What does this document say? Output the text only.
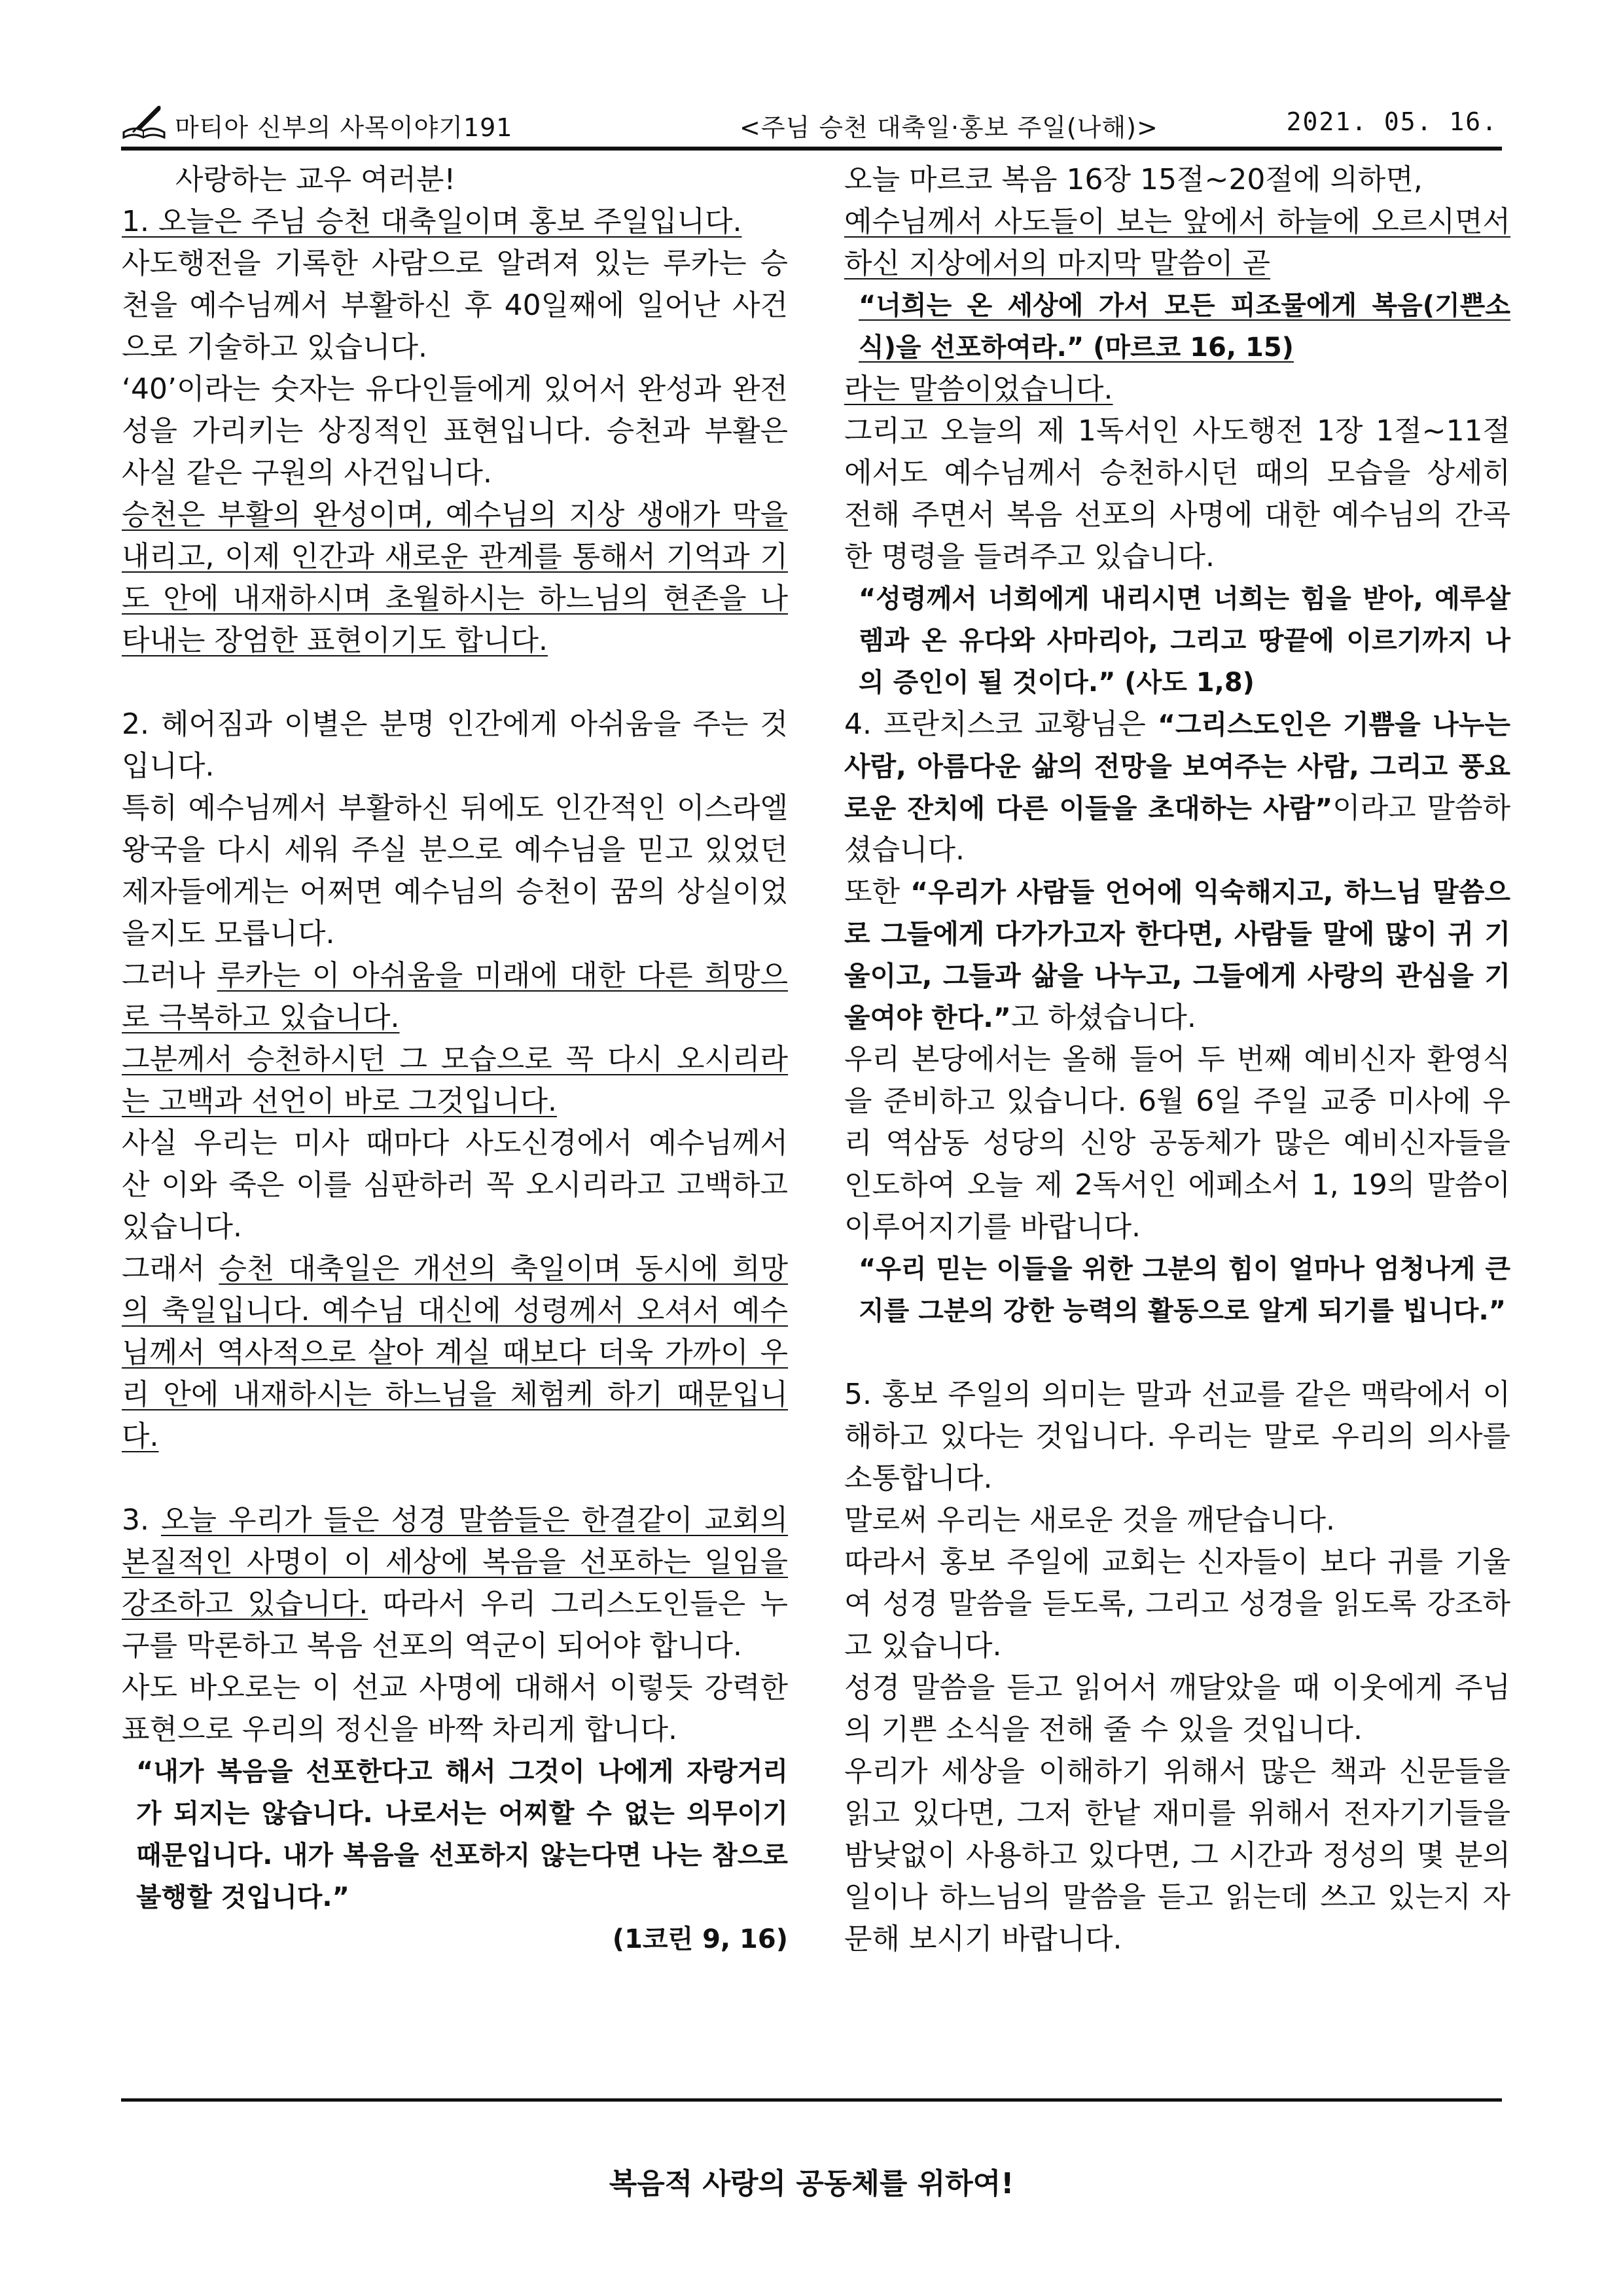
마티아 신부의 사목이야기191	<주님 승천 대축일·홍보 주일(나해)>	2021. 05. 16.

사랑하는 교우 여러분!

1. 오늘은 주님 승천 대축일이며 홍보 주일입니다.

사도행전을 기록한 사람으로 알려져 있는 루카는 승천을 예수님께서 부활하신 후 40일째에 일어난 사건으로 기술하고 있습니다.

‘40’이라는 숫자는 유다인들에게 있어서 완성과 완전성을 가리키는 상징적인 표현입니다. 승천과 부활은 사실 같은 구원의 사건입니다.

승천은 부활의 완성이며, 예수님의 지상 생애가 막을 내리고, 이제 인간과 새로운 관계를 통해서 기억과 기도 안에 내재하시며 초월하시는 하느님의 현존을 나타내는 장엄한 표현이기도 합니다.

2. 헤어짐과 이별은 분명 인간에게 아쉬움을 주는 것입니다.

특히 예수님께서 부활하신 뒤에도 인간적인 이스라엘 왕국을 다시 세워 주실 분으로 예수님을 믿고 있었던 제자들에게는 어쩌면 예수님의 승천이 꿈의 상실이었을지도 모릅니다.

그러나 루카는 이 아쉬움을 미래에 대한 다른 희망으로 극복하고 있습니다.

그분께서 승천하시던 그 모습으로 꼭 다시 오시리라는 고백과 선언이 바로 그것입니다.

사실 우리는 미사 때마다 사도신경에서 예수님께서 산 이와 죽은 이를 심판하러 꼭 오시리라고 고백하고 있습니다.

그래서 승천 대축일은 개선의 축일이며 동시에 희망의 축일입니다. 예수님 대신에 성령께서 오셔서 예수님께서 역사적으로 살아 계실 때보다 더욱 가까이 우리 안에 내재하시는 하느님을 체험케 하기 때문입니다.

3. 오늘 우리가 들은 성경 말씀들은 한결같이 교회의 본질적인 사명이 이 세상에 복음을 선포하는 일임을 강조하고 있습니다. 따라서 우리 그리스도인들은 누구를 막론하고 복음 선포의 역군이 되어야 합니다.

사도 바오로는 이 선교 사명에 대해서 이렇듯 강력한 표현으로 우리의 정신을 바짝 차리게 합니다.

“내가 복음을 선포한다고 해서 그것이 나에게 자랑거리가 되지는 않습니다. 나로서는 어찌할 수 없는 의무이기 때문입니다. 내가 복음을 선포하지 않는다면 나는 참으로 불행할 것입니다.”

(1코린 9, 16)

오늘 마르코 복음 16장 15절~20절에 의하면,

예수님께서 사도들이 보는 앞에서 하늘에 오르시면서 하신 지상에서의 마지막 말씀이 곧

“너희는 온 세상에 가서 모든 피조물에게 복음(기쁜소식)을 선포하여라.” (마르코 16, 15)

라는 말씀이었습니다.

그리고 오늘의 제 1독서인 사도행전 1장 1절~11절에서도 예수님께서 승천하시던 때의 모습을 상세히 전해 주면서 복음 선포의 사명에 대한 예수님의 간곡한 명령을 들려주고 있습니다.

“성령께서 너희에게 내리시면 너희는 힘을 받아, 예루살렘과 온 유다와 사마리아, 그리고 땅끝에 이르기까지 나의 증인이 될 것이다.” (사도 1,8)

4. 프란치스코 교황님은 “그리스도인은 기쁨을 나누는 사람, 아름다운 삶의 전망을 보여주는 사람, 그리고 풍요로운 잔치에 다른 이들을 초대하는 사람”이라고 말씀하셨습니다.

또한 “우리가 사람들 언어에 익숙해지고, 하느님 말씀으로 그들에게 다가가고자 한다면, 사람들 말에 많이 귀 기울이고, 그들과 삶을 나누고, 그들에게 사랑의 관심을 기울여야 한다.”고 하셨습니다.

우리 본당에서는 올해 들어 두 번째 예비신자 환영식을 준비하고 있습니다. 6월 6일 주일 교중 미사에 우리 역삼동 성당의 신앙 공동체가 많은 예비신자들을 인도하여 오늘 제 2독서인 에페소서 1, 19의 말씀이 이루어지기를 바랍니다.

“우리 믿는 이들을 위한 그분의 힘이 얼마나 엄청나게 큰지를 그분의 강한 능력의 활동으로 알게 되기를 빕니다.”

5. 홍보 주일의 의미는 말과 선교를 같은 맥락에서 이해하고 있다는 것입니다. 우리는 말로 우리의 의사를 소통합니다.

말로써 우리는 새로운 것을 깨닫습니다.

따라서 홍보 주일에 교회는 신자들이 보다 귀를 기울여 성경 말씀을 듣도록, 그리고 성경을 읽도록 강조하고 있습니다.

성경 말씀을 듣고 읽어서 깨달았을 때 이웃에게 주님의 기쁜 소식을 전해 줄 수 있을 것입니다.

우리가 세상을 이해하기 위해서 많은 책과 신문들을 읽고 있다면, 그저 한낱 재미를 위해서 전자기기들을 밤낮없이 사용하고 있다면, 그 시간과 정성의 몇 분의 일이나 하느님의 말씀을 듣고 읽는데 쓰고 있는지 자문해 보시기 바랍니다.

복음적 사랑의 공동체를 위하여!
